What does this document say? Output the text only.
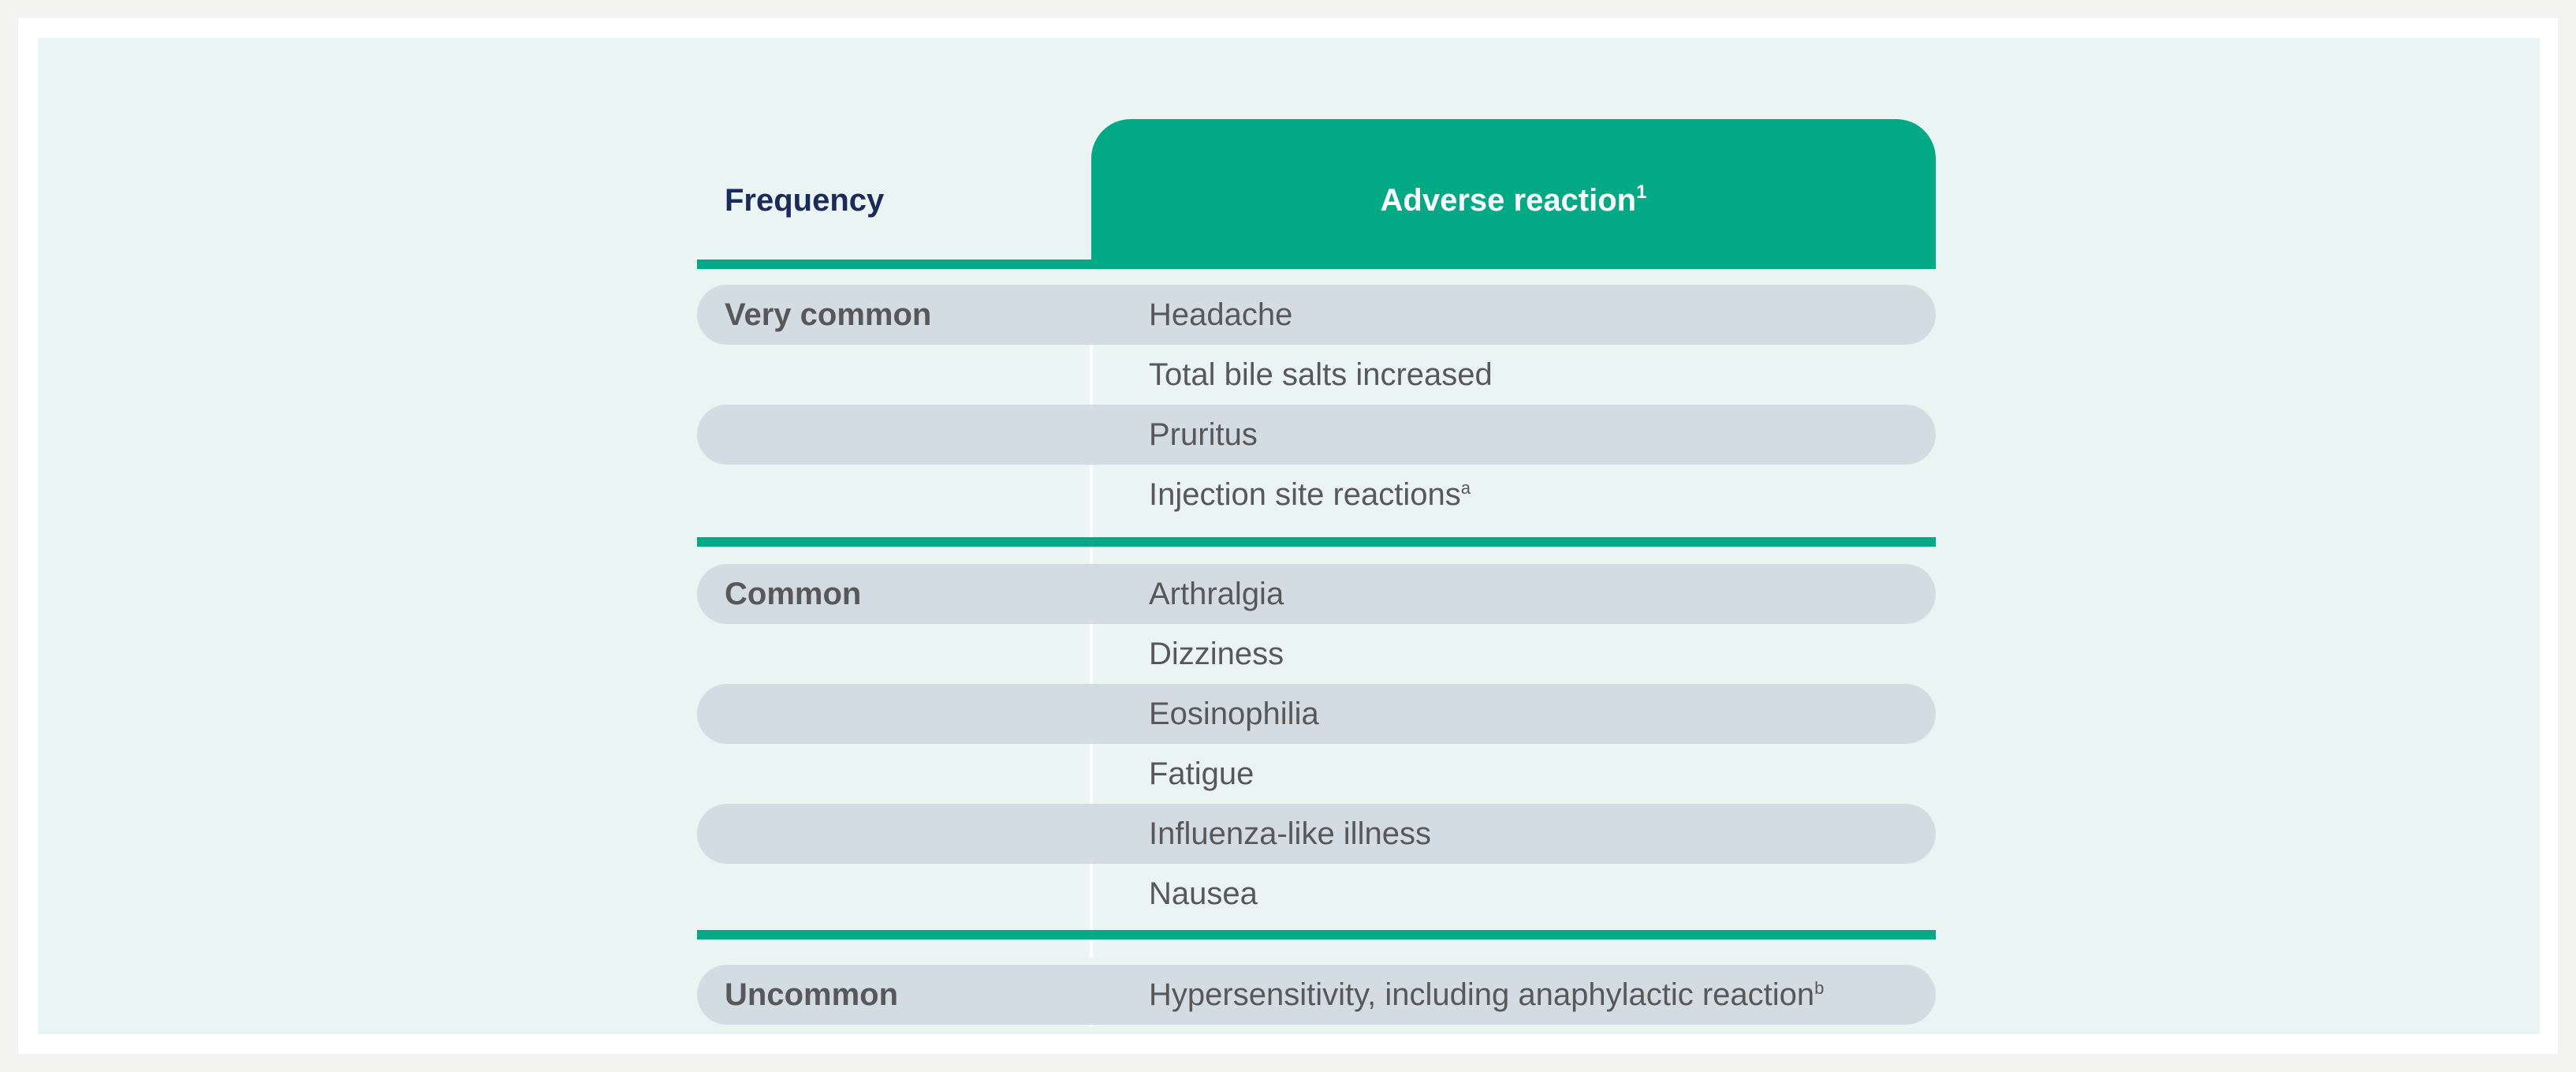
Frequency	Adverse reaction$^1$
Very common	Headache
Total bile salts increased
Pruritus
Injection site reactions$^a$
Common	Arthralgia
Dizziness
Eosinophilia
Fatigue
Influenza-like illness
Nausea
Uncommon	Hypersensitivity, including anaphylactic reaction$^b$
